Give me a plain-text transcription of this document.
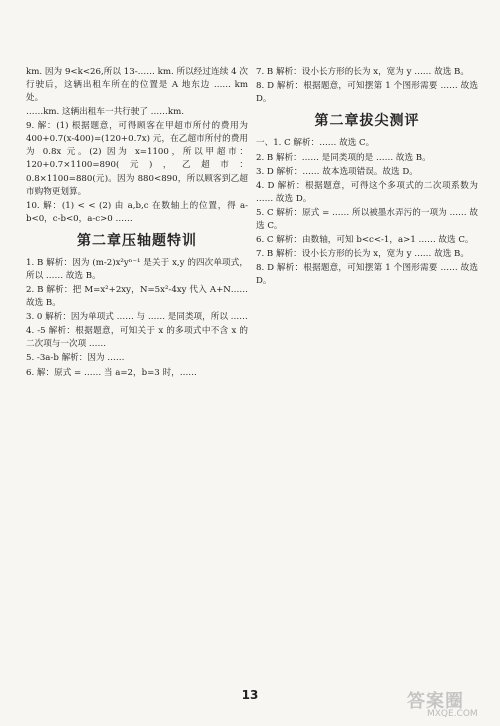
km. 因为 9<k<26,所以 13-…… km. 所以经过连续 4 次行驶后，这辆出租车所在的位置是 A 地东边 …… km 处。

……km. 这辆出租车一共行驶了 ……km.

9. 解：(1) 根据题意，可得顾客在甲超市所付的费用为 400+0.7(x-400)=(120+0.7x) 元，在乙超市所付的费用为 0.8x 元。(2) 因为 x=1100，所以甲超市：120+0.7×1100=890(元)，乙超市：0.8×1100=880(元)。因为 880<890，所以顾客到乙超市购物更划算。

10. 解：(1) < < (2) 由 a,b,c 在数轴上的位置，得 a-b<0，c-b<0，a-c>0 ……

第二章压轴题特训

1. B 解析：因为 (m-2)x²yⁿ⁻¹ 是关于 x,y 的四次单项式，所以 …… 故选 B。

2. B 解析：把 M=x²+2xy，N=5x²-4xy 代入 A+N…… 故选 B。

3. 0 解析：因为单项式 …… 与 …… 是同类项，所以 ……

4. -5 解析：根据题意，可知关于 x 的多项式中不含 x 的二次项与一次项 ……

5. -3a-b 解析：因为 ……

6. 解：原式 = …… 当 a=2，b=3 时，……

7. B 解析：设小长方形的长为 x，宽为 y …… 故选 B。

8. D 解析：根据题意，可知摆第 1 个图形需要 …… 故选 D。

第二章拔尖测评

一、1. C 解析：…… 故选 C。

2. B 解析：…… 是同类项的是 …… 故选 B。

3. D 解析：…… 故本选项错误。故选 D。

4. D 解析：根据题意，可得这个多项式的二次项系数为 …… 故选 D。

5. C 解析：原式 = …… 所以被墨水弄污的一项为 …… 故选 C。

6. C 解析：由数轴，可知 b<c<-1，a>1 …… 故选 C。

7. B 解析：设小长方形的长为 x，宽为 y …… 故选 B。

8. D 解析：根据题意，可知摆第 1 个图形需要 …… 故选 D。

13	答案圈
MXQE.COM
